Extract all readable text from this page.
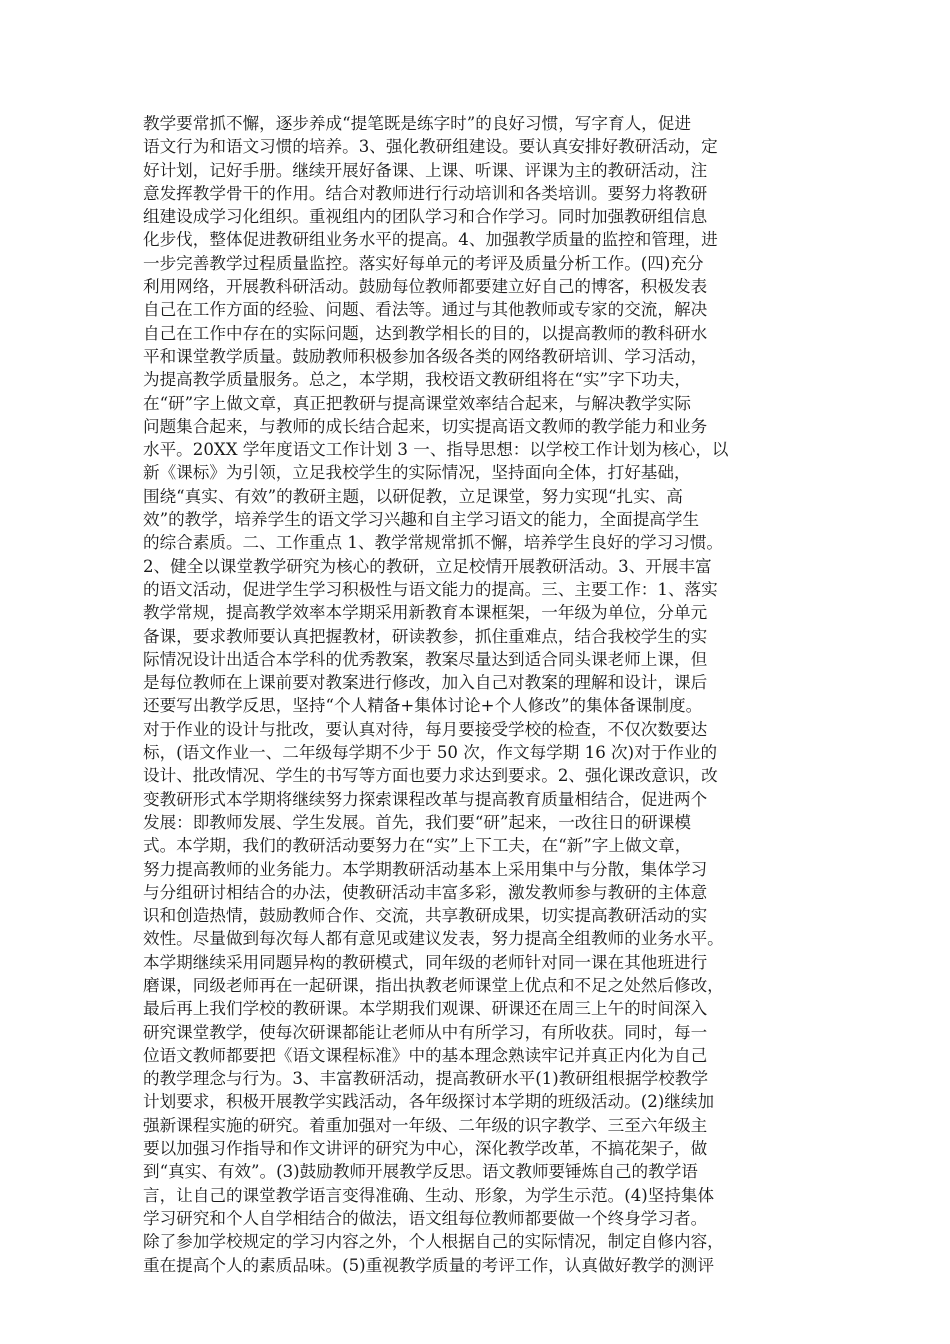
教学要常抓不懈，逐步养成“提笔既是练字时”的良好习惯，写字育人，促进
语文行为和语文习惯的培养。3、强化教研组建设。要认真安排好教研活动，定
好计划，记好手册。继续开展好备课、上课、听课、评课为主的教研活动，注
意发挥教学骨干的作用。结合对教师进行行动培训和各类培训。要努力将教研
组建设成学习化组织。重视组内的团队学习和合作学习。同时加强教研组信息
化步伐，整体促进教研组业务水平的提高。4、加强教学质量的监控和管理，进
一步完善教学过程质量监控。落实好每单元的考评及质量分析工作。(四)充分
利用网络，开展教科研活动。鼓励每位教师都要建立好自己的博客，积极发表
自己在工作方面的经验、问题、看法等。通过与其他教师或专家的交流，解决
自己在工作中存在的实际问题，达到教学相长的目的，以提高教师的教科研水
平和课堂教学质量。鼓励教师积极参加各级各类的网络教研培训、学习活动，
为提高教学质量服务。总之，本学期，我校语文教研组将在“实”字下功夫，
在“研”字上做文章，真正把教研与提高课堂效率结合起来，与解决教学实际
问题集合起来，与教师的成长结合起来，切实提高语文教师的教学能力和业务
水平。20XX 学年度语文工作计划 3 一、指导思想：以学校工作计划为核心，以
新《课标》为引领，立足我校学生的实际情况，坚持面向全体，打好基础，
围绕“真实、有效”的教研主题，以研促教，立足课堂，努力实现“扎实、高
效”的教学，培养学生的语文学习兴趣和自主学习语文的能力，全面提高学生
的综合素质。二、工作重点 1、教学常规常抓不懈，培养学生良好的学习习惯。
2、健全以课堂教学研究为核心的教研，立足校情开展教研活动。3、开展丰富
的语文活动，促进学生学习积极性与语文能力的提高。三、主要工作：1、落实
教学常规，提高教学效率本学期采用新教育本课框架，一年级为单位，分单元
备课，要求教师要认真把握教材，研读教参，抓住重难点，结合我校学生的实
际情况设计出适合本学科的优秀教案，教案尽量达到适合同头课老师上课，但
是每位教师在上课前要对教案进行修改，加入自己对教案的理解和设计，课后
还要写出教学反思，坚持“个人精备+集体讨论+个人修改”的集体备课制度。
对于作业的设计与批改，要认真对待，每月要接受学校的检查，不仅次数要达
标，(语文作业一、二年级每学期不少于 50 次，作文每学期 16 次)对于作业的
设计、批改情况、学生的书写等方面也要力求达到要求。2、强化课改意识，改
变教研形式本学期将继续努力探索课程改革与提高教育质量相结合，促进两个
发展：即教师发展、学生发展。首先，我们要“研”起来，一改往日的研课模
式。本学期，我们的教研活动要努力在“实”上下工夫，在“新”字上做文章，
努力提高教师的业务能力。本学期教研活动基本上采用集中与分散，集体学习
与分组研讨相结合的办法，使教研活动丰富多彩，激发教师参与教研的主体意
识和创造热情，鼓励教师合作、交流，共享教研成果，切实提高教研活动的实
效性。尽量做到每次每人都有意见或建议发表，努力提高全组教师的业务水平。
本学期继续采用同题异构的教研模式，同年级的老师针对同一课在其他班进行
磨课，同级老师再在一起研课，指出执教老师课堂上优点和不足之处然后修改，
最后再上我们学校的教研课。本学期我们观课、研课还在周三上午的时间深入
研究课堂教学，使每次研课都能让老师从中有所学习，有所收获。同时，每一
位语文教师都要把《语文课程标准》中的基本理念熟读牢记并真正内化为自己
的教学理念与行为。3、丰富教研活动，提高教研水平(1)教研组根据学校教学
计划要求，积极开展教学实践活动，各年级探讨本学期的班级活动。(2)继续加
强新课程实施的研究。着重加强对一年级、二年级的识字教学、三至六年级主
要以加强习作指导和作文讲评的研究为中心，深化教学改革，不搞花架子，做
到“真实、有效”。(3)鼓励教师开展教学反思。语文教师要锤炼自己的教学语
言，让自己的课堂教学语言变得准确、生动、形象，为学生示范。(4)坚持集体
学习研究和个人自学相结合的做法，语文组每位教师都要做一个终身学习者。
除了参加学校规定的学习内容之外，个人根据自己的实际情况，制定自修内容，
重在提高个人的素质品味。(5)重视教学质量的考评工作，认真做好教学的测评
